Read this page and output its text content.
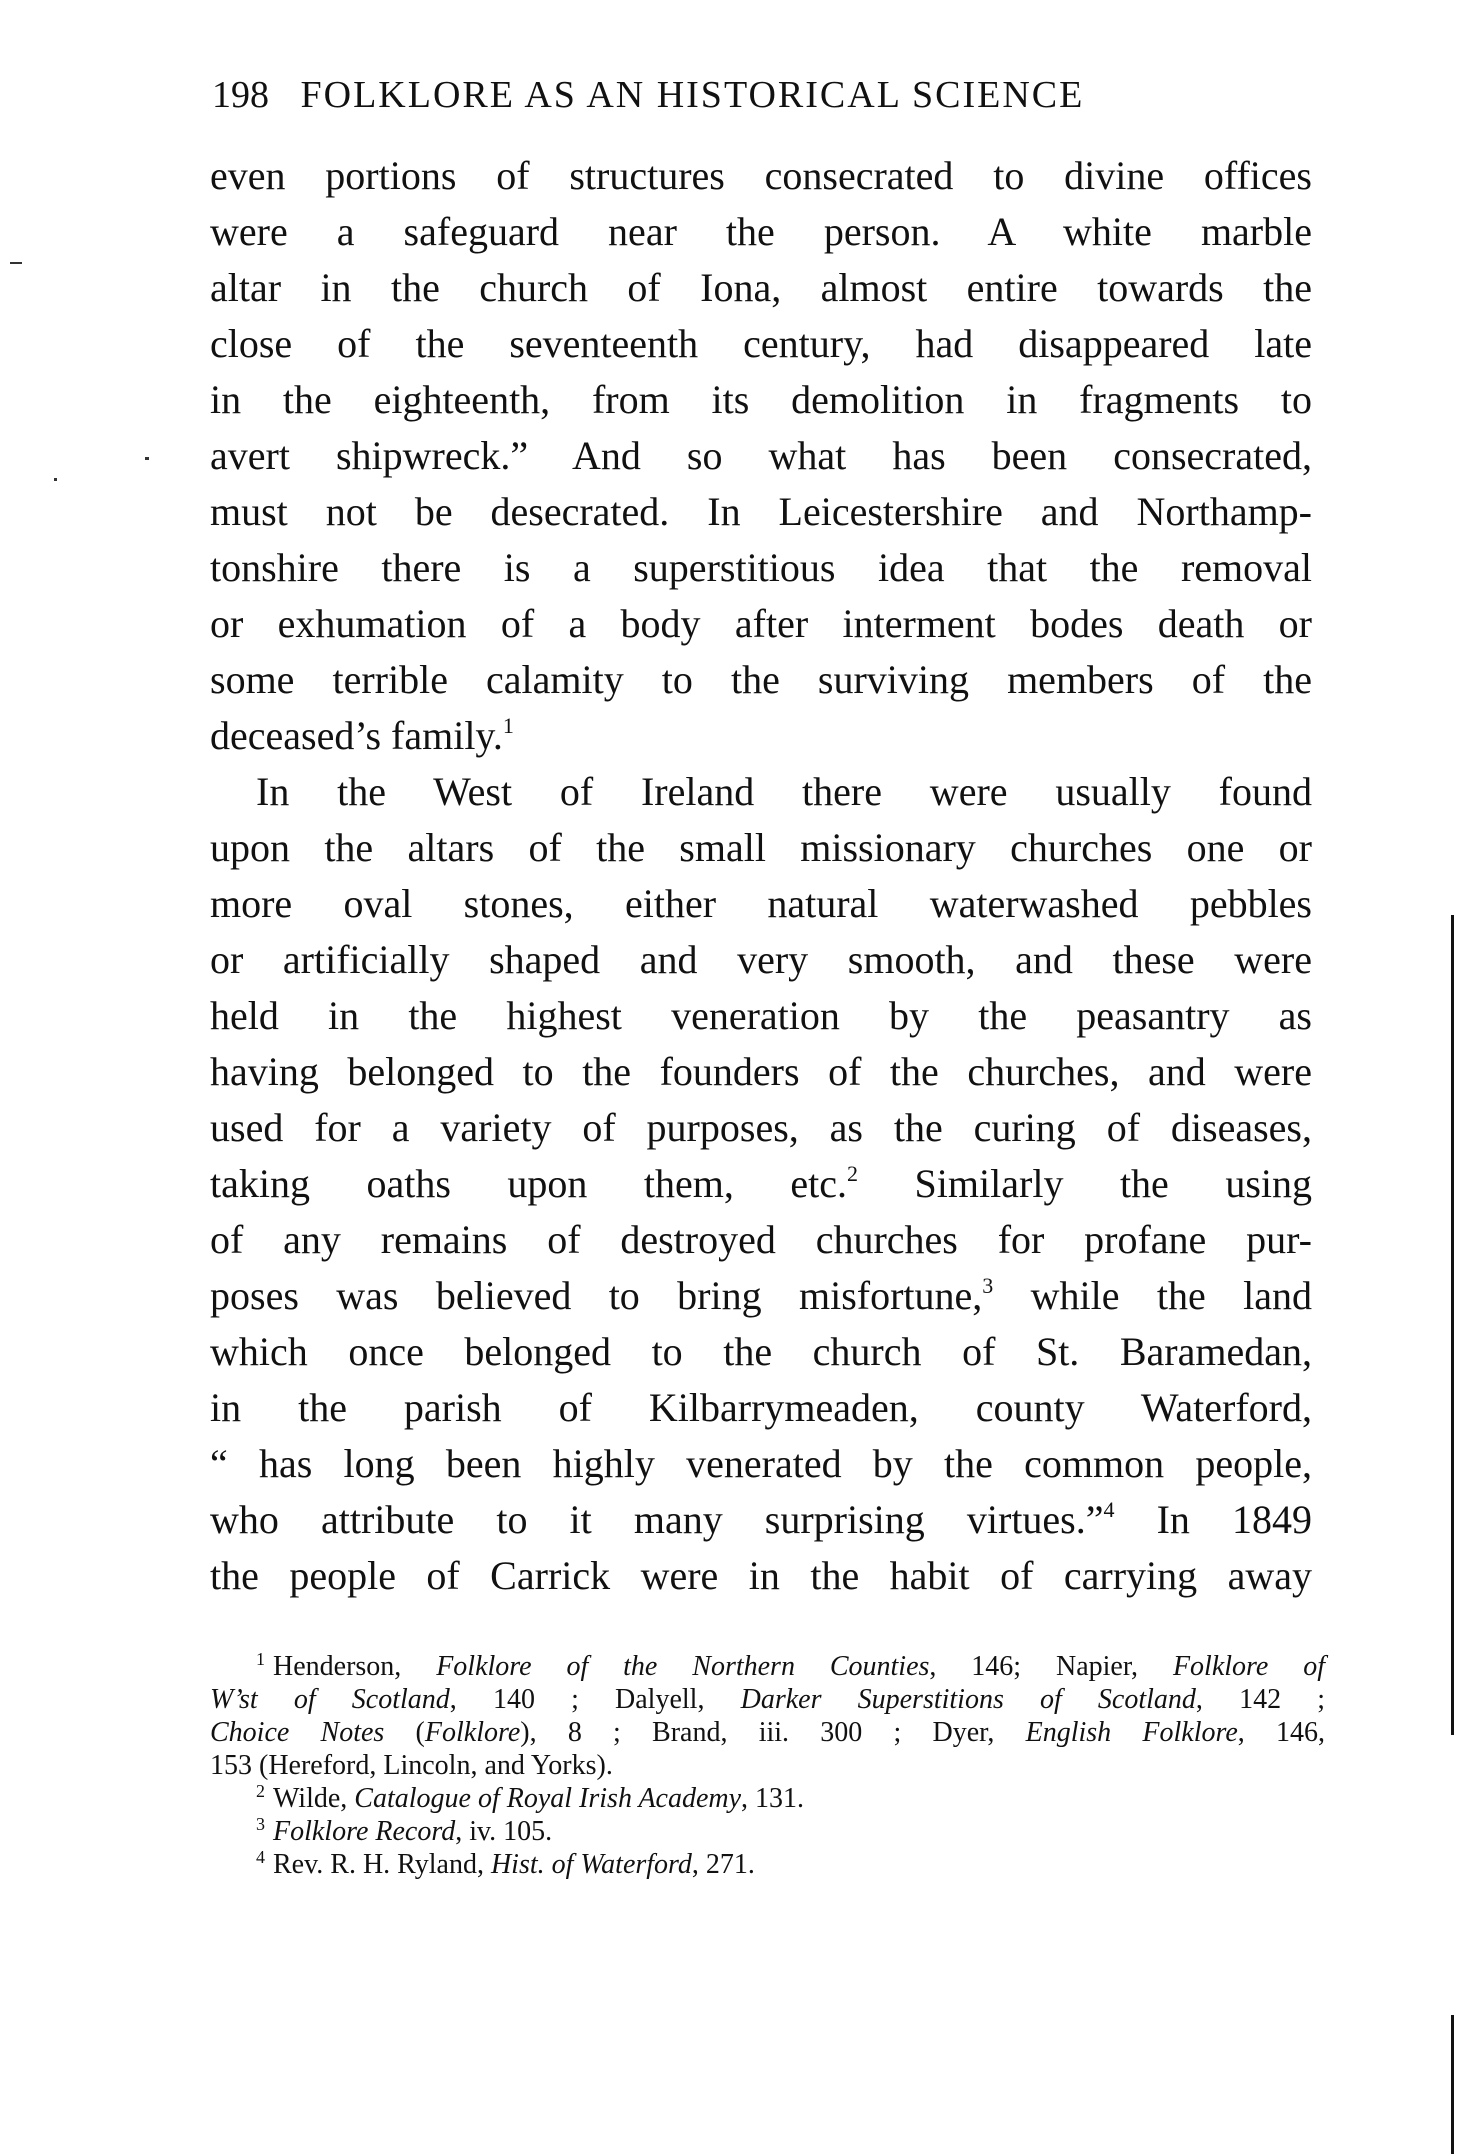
198 FOLKLORE AS AN HISTORICAL SCIENCE
even portions of structures consecrated to divine offices
were a safeguard near the person. A white marble
altar in the church of Iona, almost entire towards the
close of the seventeenth century, had disappeared late
in the eighteenth, from its demolition in fragments to
avert shipwreck.” And so what has been consecrated,
must not be desecrated. In Leicestershire and Northamp-
tonshire there is a superstitious idea that the removal
or exhumation of a body after interment bodes death or
some terrible calamity to the surviving members of the
deceased’s family.$^1$
In the West of Ireland there were usually found
upon the altars of the small missionary churches one or
more oval stones, either natural waterwashed pebbles
or artificially shaped and very smooth, and these were
held in the highest veneration by the peasantry as
having belonged to the founders of the churches, and were
used for a variety of purposes, as the curing of diseases,
taking oaths upon them, etc.$^2$ Similarly the using
of any remains of destroyed churches for profane pur-
poses was believed to bring misfortune,$^3$ while the land
which once belonged to the church of St. Baramedan,
in the parish of Kilbarrymeaden, county Waterford,
“ has long been highly venerated by the common people,
who attribute to it many surprising virtues.”$^4$ In 1849
the people of Carrick were in the habit of carrying away
$^1$ Henderson, Folklore of the Northern Counties, 146; Napier, Folklore of
W’st of Scotland, 140 ; Dalyell, Darker Superstitions of Scotland, 142 ;
Choice Notes (Folklore), 8 ; Brand, iii. 300 ; Dyer, English Folklore, 146,
153 (Hereford, Lincoln, and Yorks).
$^2$ Wilde, Catalogue of Royal Irish Academy, 131.
$^3$ Folklore Record, iv. 105.
$^4$ Rev. R. H. Ryland, Hist. of Waterford, 271.
